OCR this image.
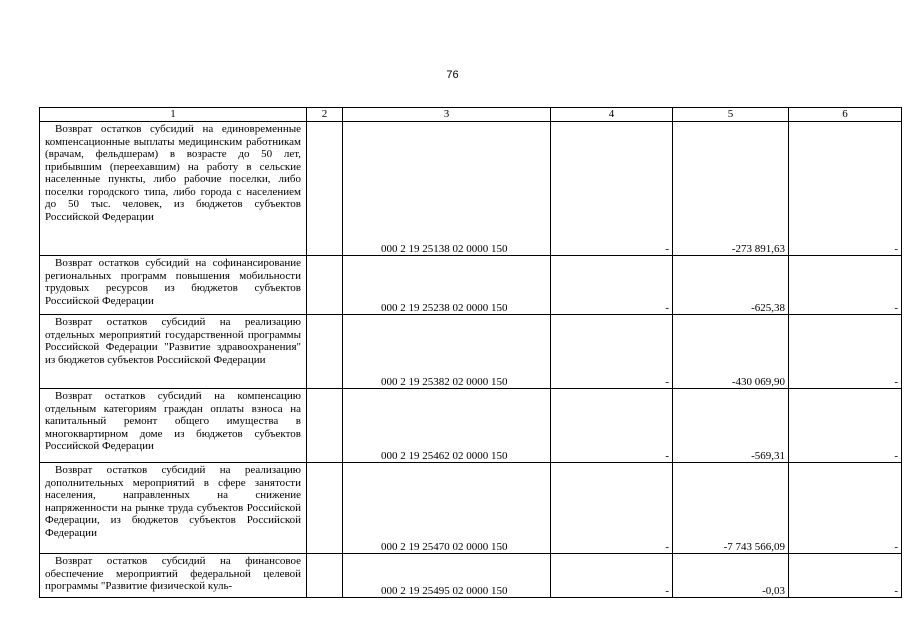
76
1	2	3	4	5	6

Возврат остатков субсидий на единовременные компенсационные выплаты медицинским работникам (врачам, фельдшерам) в возрасте до 50 лет, прибывшим (переехавшим) на работу в сельские населенные пункты, либо рабочие поселки, либо поселки городского типа, либо города с населением до 50 тыс. человек, из бюджетов субъектов Российской Федерации		000 2 19 25138 02 0000 150	-	-273 891,63	-

Возврат остатков субсидий на софинансирование региональных программ повышения мобильности трудовых ресурсов из бюджетов субъектов Российской Федерации		000 2 19 25238 02 0000 150	-	-625,38	-

Возврат остатков субсидий на реализацию отдельных мероприятий государственной программы Российской Федерации "Развитие здравоохранения" из бюджетов субъектов Российской Федерации		000 2 19 25382 02 0000 150	-	-430 069,90	-

Возврат остатков субсидий на компенсацию отдельным категориям граждан оплаты взноса на капитальный ремонт общего имущества в многоквартирном доме из бюджетов субъектов Российской Федерации		000 2 19 25462 02 0000 150	-	-569,31	-

Возврат остатков субсидий на реализацию дополнительных мероприятий в сфере занятости населения, направленных на снижение напряженности на рынке труда субъектов Российской Федерации, из бюджетов субъектов Российской Федерации		000 2 19 25470 02 0000 150	-	-7 743 566,09	-

Возврат остатков субсидий на финансовое обеспечение мероприятий федеральной целевой программы "Развитие физической куль-		000 2 19 25495 02 0000 150	-	-0,03	-
